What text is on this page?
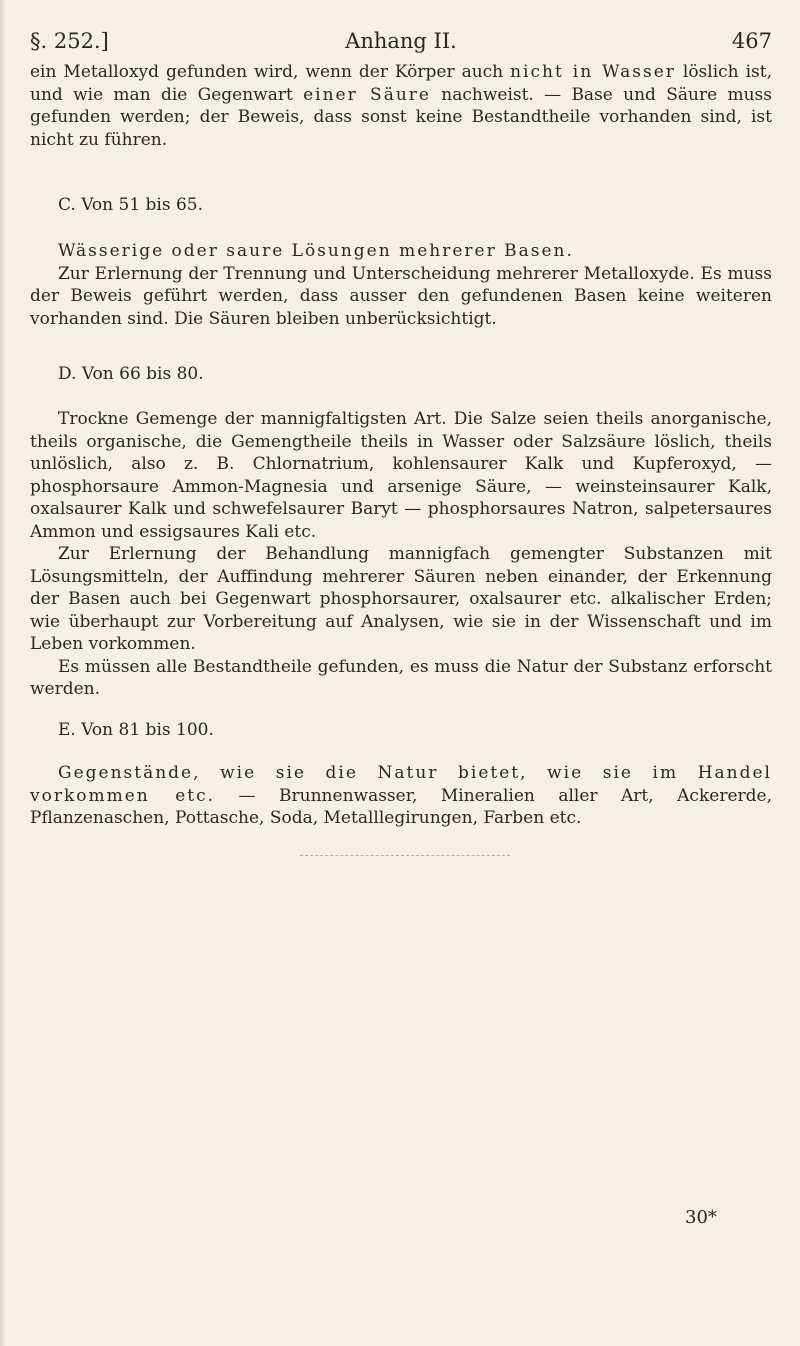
§. 252.]	Anhang II.	467

ein Metalloxyd gefunden wird, wenn der Körper auch nicht in Wasser löslich ist, und wie man die Gegenwart einer Säure nachweist. — Base und Säure muss gefunden werden; der Beweis, dass sonst keine Bestandtheile vorhanden sind, ist nicht zu führen.

C. Von 51 bis 65.

Wässerige oder saure Lösungen mehrerer Basen.

Zur Erlernung der Trennung und Unterscheidung mehrerer Metalloxyde. Es muss der Beweis geführt werden, dass ausser den gefundenen Basen keine weiteren vorhanden sind. Die Säuren bleiben unberücksichtigt.

D. Von 66 bis 80.

Trockne Gemenge der mannigfaltigsten Art. Die Salze seien theils anorganische, theils organische, die Gemengtheile theils in Wasser oder Salzsäure löslich, theils unlöslich, also z. B. Chlornatrium, kohlensaurer Kalk und Kupferoxyd, — phosphorsaure Ammon-Magnesia und arsenige Säure, — weinsteinsaurer Kalk, oxalsaurer Kalk und schwefelsaurer Baryt — phosphorsaures Natron, salpetersaures Ammon und essigsaures Kali etc.

Zur Erlernung der Behandlung mannigfach gemengter Substanzen mit Lösungsmitteln, der Auffindung mehrerer Säuren neben einander, der Erkennung der Basen auch bei Gegenwart phosphorsaurer, oxalsaurer etc. alkalischer Erden; wie überhaupt zur Vorbereitung auf Analysen, wie sie in der Wissenschaft und im Leben vorkommen.

Es müssen alle Bestandtheile gefunden, es muss die Natur der Substanz erforscht werden.

E. Von 81 bis 100.

Gegenstände, wie sie die Natur bietet, wie sie im Handel vorkommen etc. — Brunnenwasser, Mineralien aller Art, Ackererde, Pflanzenaschen, Pottasche, Soda, Metalllegirungen, Farben etc.

30*
